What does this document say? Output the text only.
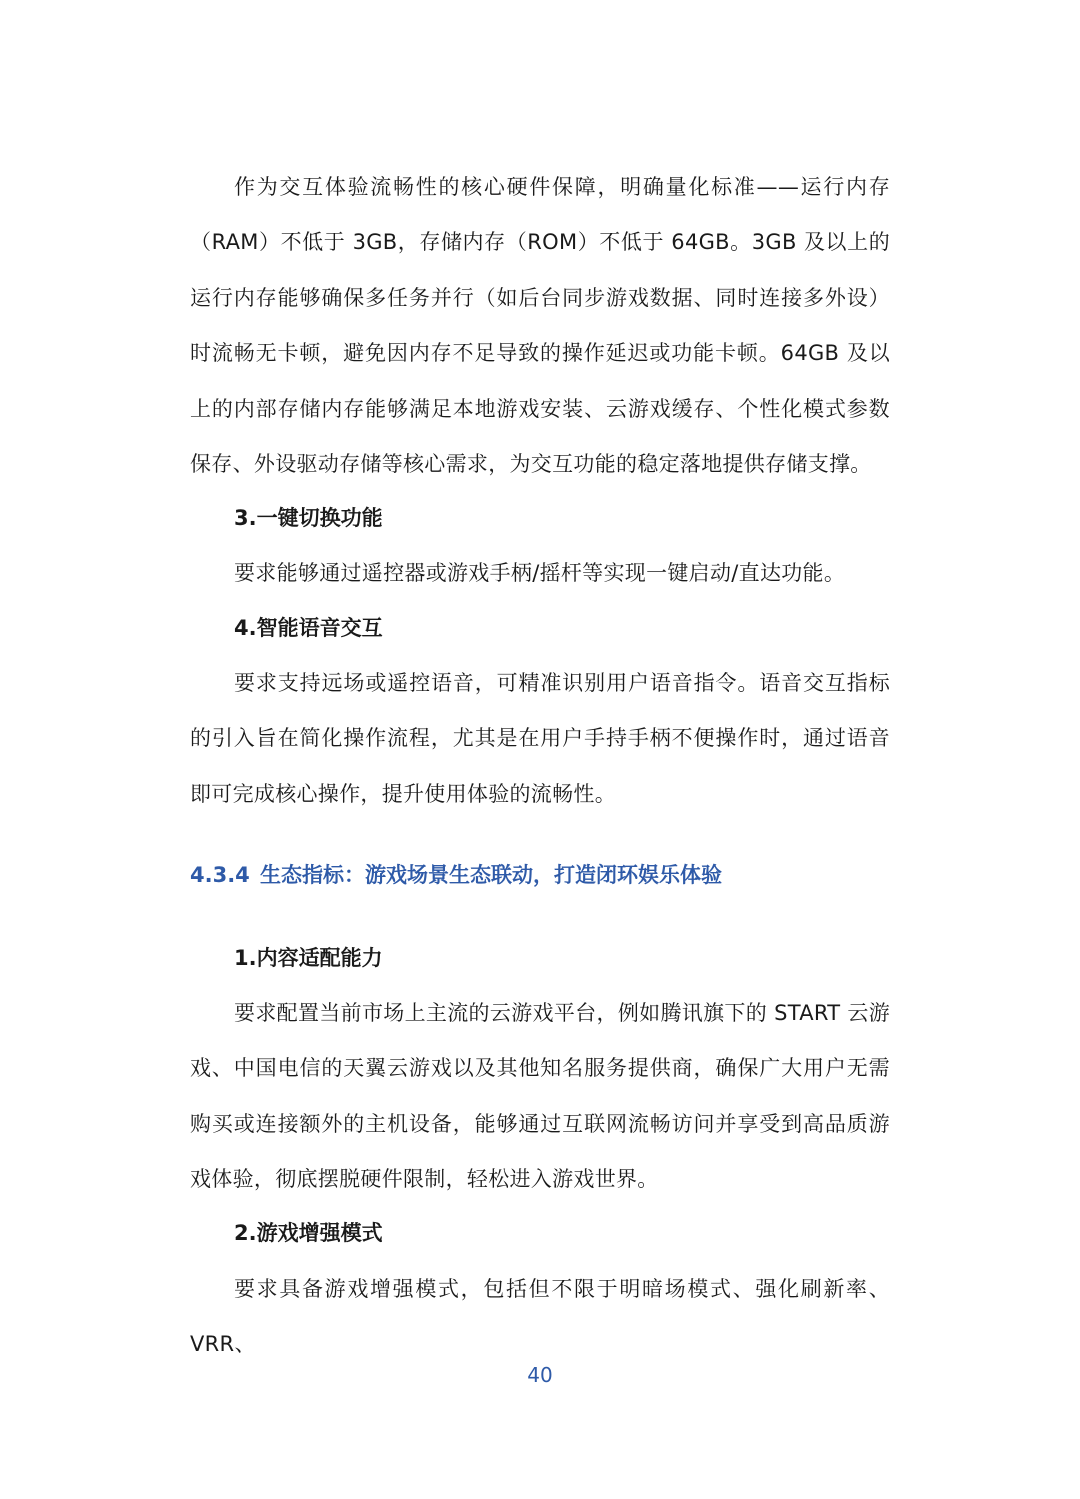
作为交互体验流畅性的核心硬件保障，明确量化标准——运行内存（RAM）不低于 3GB，存储内存（ROM）不低于 64GB。3GB 及以上的运行内存能够确保多任务并行（如后台同步游戏数据、同时连接多外设）时流畅无卡顿，避免因内存不足导致的操作延迟或功能卡顿。64GB 及以上的内部存储内存能够满足本地游戏安装、云游戏缓存、个性化模式参数保存、外设驱动存储等核心需求，为交互功能的稳定落地提供存储支撑。

3.一键切换功能

要求能够通过遥控器或游戏手柄/摇杆等实现一键启动/直达功能。

4.智能语音交互

要求支持远场或遥控语音，可精准识别用户语音指令。语音交互指标的引入旨在简化操作流程，尤其是在用户手持手柄不便操作时，通过语音即可完成核心操作，提升使用体验的流畅性。

4.3.4 生态指标：游戏场景生态联动，打造闭环娱乐体验
1.内容适配能力

要求配置当前市场上主流的云游戏平台，例如腾讯旗下的 START 云游戏、中国电信的天翼云游戏以及其他知名服务提供商，确保广大用户无需购买或连接额外的主机设备，能够通过互联网流畅访问并享受到高品质游戏体验，彻底摆脱硬件限制，轻松进入游戏世界。

2.游戏增强模式

要求具备游戏增强模式，包括但不限于明暗场模式、强化刷新率、VRR、

40
